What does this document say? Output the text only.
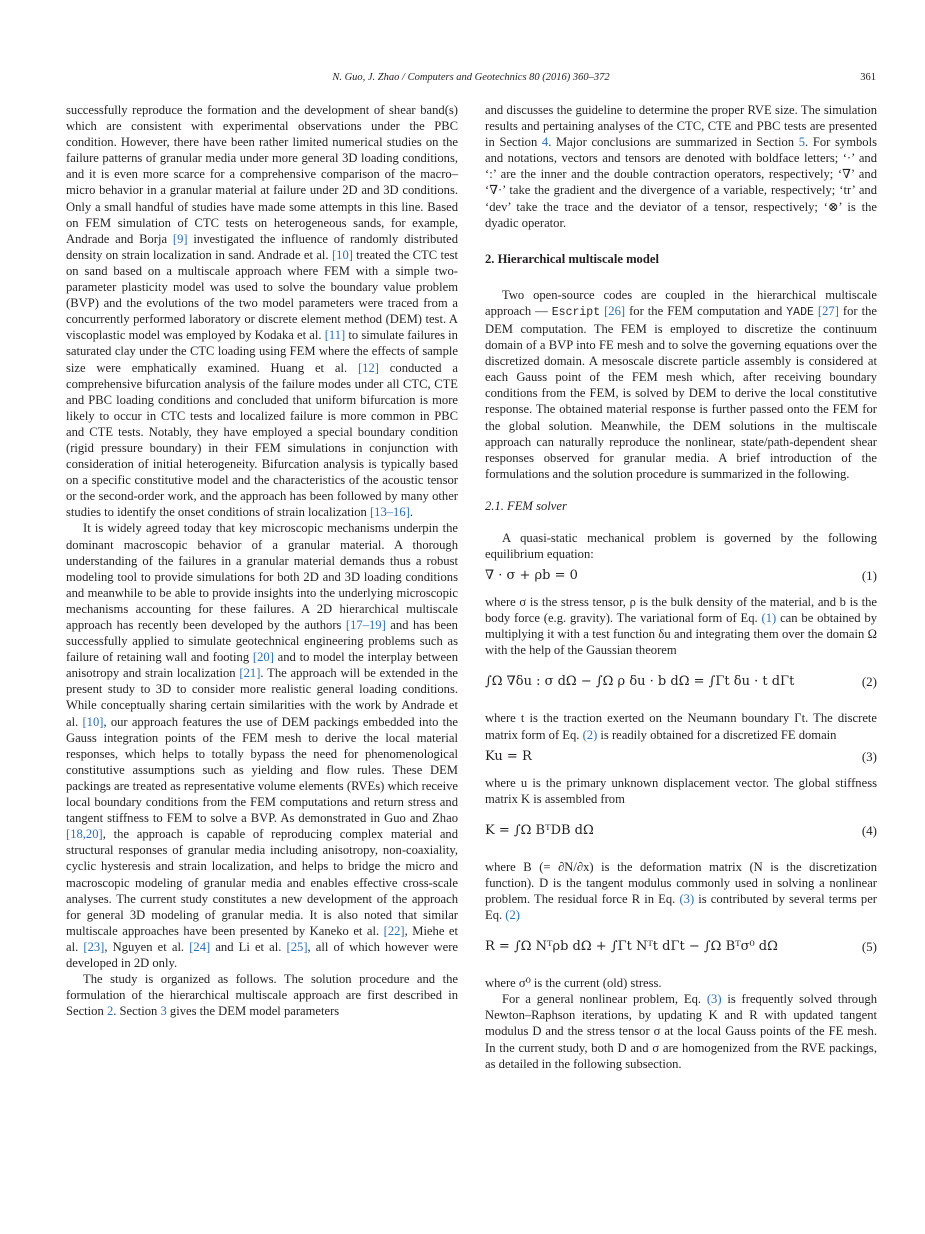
N. Guo, J. Zhao / Computers and Geotechnics 80 (2016) 360–372	361

successfully reproduce the formation and the development of shear band(s) which are consistent with experimental observations under the PBC condition. However, there have been rather limited numerical studies on the failure patterns of granular media under more general 3D loading conditions, and it is even more scarce for a comprehensive comparison of the macro–micro behavior in a granular material at failure under 2D and 3D conditions. Only a small handful of studies have made some attempts in this line. Based on FEM simulation of CTC tests on heterogeneous sands, for example, Andrade and Borja [9] investigated the influence of randomly distributed density on strain localization in sand. Andrade et al. [10] treated the CTC test on sand based on a multiscale approach where FEM with a simple two-parameter plasticity model was used to solve the boundary value problem (BVP) and the evolutions of the two model parameters were traced from a concurrently performed laboratory or discrete element method (DEM) test. A viscoplastic model was employed by Kodaka et al. [11] to simulate failures in saturated clay under the CTC loading using FEM where the effects of sample size were emphatically examined. Huang et al. [12] conducted a comprehensive bifurcation analysis of the failure modes under all CTC, CTE and PBC loading conditions and concluded that uniform bifurcation is more likely to occur in CTC tests and localized failure is more common in PBC and CTE tests. Notably, they have employed a special boundary condition (rigid pressure boundary) in their FEM simulations in conjunction with consideration of initial heterogeneity. Bifurcation analysis is typically based on a specific constitutive model and the characteristics of the acoustic tensor or the second-order work, and the approach has been followed by many other studies to identify the onset conditions of strain localization [13–16].

It is widely agreed today that key microscopic mechanisms underpin the dominant macroscopic behavior of a granular material. A thorough understanding of the failures in a granular material demands thus a robust modeling tool to provide simulations for both 2D and 3D loading conditions and meanwhile to be able to provide insights into the underlying microscopic mechanisms accounting for these failures. A 2D hierarchical multiscale approach has recently been developed by the authors [17–19] and has been successfully applied to simulate geotechnical engineering problems such as failure of retaining wall and footing [20] and to model the interplay between anisotropy and strain localization [21]. The approach will be extended in the present study to 3D to consider more realistic general loading conditions. While conceptually sharing certain similarities with the work by Andrade et al. [10], our approach features the use of DEM packings embedded into the Gauss integration points of the FEM mesh to derive the local material responses, which helps to totally bypass the need for phenomenological constitutive assumptions such as yielding and flow rules. These DEM packings are treated as representative volume elements (RVEs) which receive local boundary conditions from the FEM computations and return stress and tangent stiffness to FEM to solve a BVP. As demonstrated in Guo and Zhao [18,20], the approach is capable of reproducing complex material and structural responses of granular media including anisotropy, non-coaxiality, cyclic hysteresis and strain localization, and helps to bridge the micro and macroscopic modeling of granular media and enables effective cross-scale analyses. The current study constitutes a new development of the approach for general 3D modeling of granular media. It is also noted that similar multiscale approaches have been presented by Kaneko et al. [22], Miehe et al. [23], Nguyen et al. [24] and Li et al. [25], all of which however were developed in 2D only.

The study is organized as follows. The solution procedure and the formulation of the hierarchical multiscale approach are first described in Section 2. Section 3 gives the DEM model parameters

and discusses the guideline to determine the proper RVE size. The simulation results and pertaining analyses of the CTC, CTE and PBC tests are presented in Section 4. Major conclusions are summarized in Section 5. For symbols and notations, vectors and tensors are denoted with boldface letters; ‘·’ and ‘:’ are the inner and the double contraction operators, respectively; ‘∇’ and ‘∇·’ take the gradient and the divergence of a variable, respectively; ‘tr’ and ‘dev’ take the trace and the deviator of a tensor, respectively; ‘⊗’ is the dyadic operator.

2. Hierarchical multiscale model

Two open-source codes are coupled in the hierarchical multiscale approach — Escript [26] for the FEM computation and YADE [27] for the DEM computation. The FEM is employed to discretize the continuum domain of a BVP into FE mesh and to solve the governing equations over the discretized domain. A mesoscale discrete particle assembly is considered at each Gauss point of the FEM mesh which, after receiving boundary conditions from the FEM, is solved by DEM to derive the local constitutive response. The obtained material response is further passed onto the FEM for the global solution. Meanwhile, the DEM solutions in the multiscale approach can naturally reproduce the nonlinear, state/path-dependent shear responses observed for granular media. A brief introduction of the formulations and the solution procedure is summarized in the following.

2.1. FEM solver

A quasi-static mechanical problem is governed by the following equilibrium equation:

∇ · σ + ρb = 0	(1)

where σ is the stress tensor, ρ is the bulk density of the material, and b is the body force (e.g. gravity). The variational form of Eq. (1) can be obtained by multiplying it with a test function δu and integrating them over the domain Ω with the help of the Gaussian theorem

∫Ω ∇δu : σ dΩ − ∫Ω ρ δu · b dΩ = ∫Γt δu · t dΓt	(2)

where t is the traction exerted on the Neumann boundary Γt. The discrete matrix form of Eq. (2) is readily obtained for a discretized FE domain

Ku = R	(3)

where u is the primary unknown displacement vector. The global stiffness matrix K is assembled from

K = ∫Ω BᵀDB dΩ	(4)

where B (= ∂N/∂x) is the deformation matrix (N is the discretization function). D is the tangent modulus commonly used in solving a nonlinear problem. The residual force R in Eq. (3) is contributed by several terms per Eq. (2)

R = ∫Ω Nᵀρb dΩ + ∫Γt Nᵀt dΓt − ∫Ω Bᵀσ⁰ dΩ	(5)

where σ⁰ is the current (old) stress.

For a general nonlinear problem, Eq. (3) is frequently solved through Newton–Raphson iterations, by updating K and R with updated tangent modulus D and the stress tensor σ at the local Gauss points of the FE mesh. In the current study, both D and σ are homogenized from the RVE packings, as detailed in the following subsection.
